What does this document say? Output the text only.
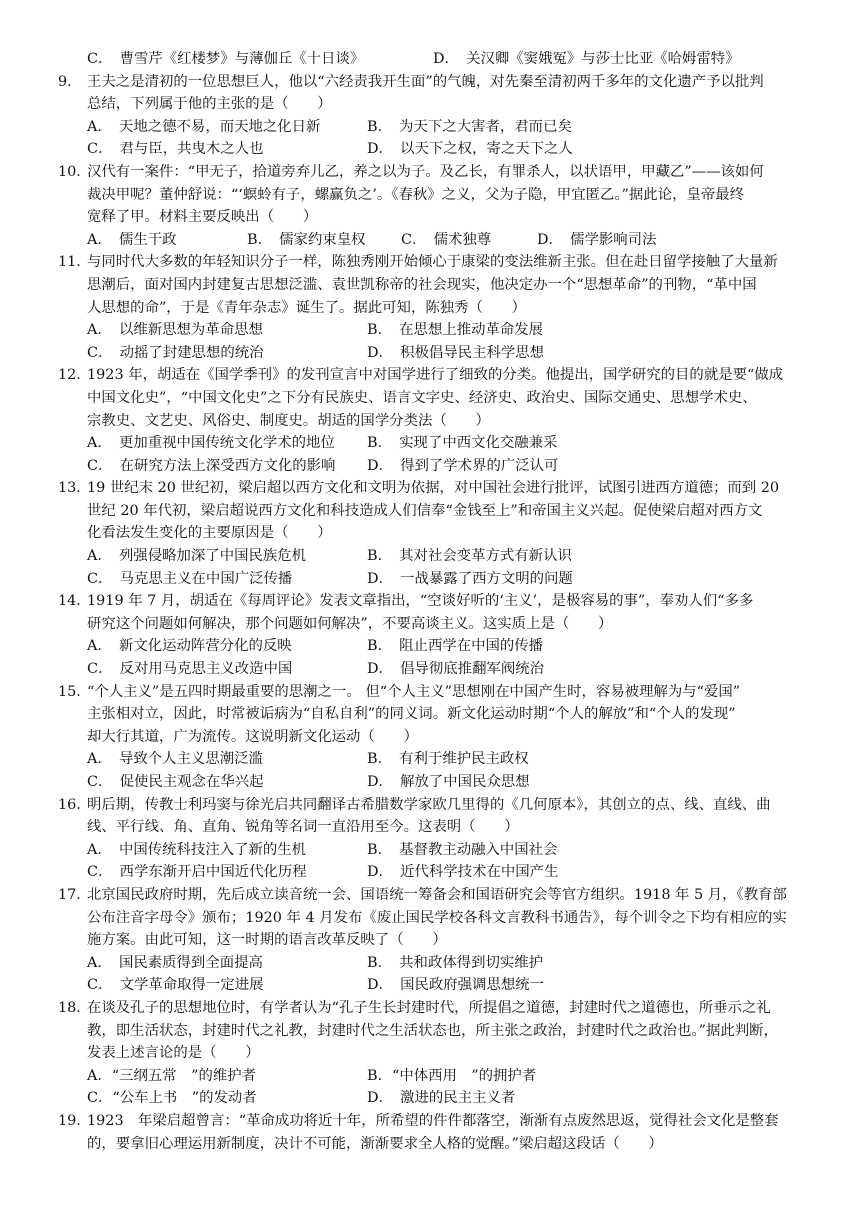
C．　曹雪芹《红楼梦》与薄伽丘《十日谈》	D．　关汉卿《窦娥冤》与莎士比亚《哈姆雷特》
9． 王夫之是清初的一位思想巨人，他以“六经责我开生面”的气魄，对先秦至清初两千多年的文化遗产予以批判
总结，下列属于他的主张的是（　　）
A．　天地之德不易，而天地之化日新	B．　为天下之大害者，君而已矣
C．　君与臣，共曳木之人也	D．　以天下之权，寄之天下之人
10．汉代有一案件：“甲无子，拾道旁弃儿乙，养之以为子。及乙长，有罪杀人，以状语甲，甲藏乙”——该如何
裁决甲呢？董仲舒说：“‘螟蛉有子，螺赢负之’。《春秋》之义，父为子隐，甲宜匿乙。”据此论，皇帝最终
宽释了甲。材料主要反映出（　　）
A．　儒生干政	B．　儒家约束皇权 C．　儒术独尊	D．　儒学影响司法
11．与同时代大多数的年轻知识分子一样，陈独秀刚开始倾心于康梁的变法维新主张。但在赴日留学接触了大量新
思潮后，面对国内封建复古思想泛滥、袁世凯称帝的社会现实，他决定办一个“思想革命”的刊物，“革中国
人思想的命”，于是《青年杂志》诞生了。据此可知，陈独秀（　　）
A．　以维新思想为革命思想	B．　在思想上推动革命发展
C．　动摇了封建思想的统治	D．　积极倡导民主科学思想
12．1923 年，胡适在《国学季刊》的发刊宣言中对国学进行了细致的分类。他提出，国学研究的目的就是要“做成
中国文化史”，“中国文化史”之下分有民族史、语言文字史、经济史、政治史、国际交通史、思想学术史、
宗教史、文艺史、风俗史、制度史。胡适的国学分类法（　　）
A．　更加重视中国传统文化学术的地位	B．　实现了中西文化交融兼采
C．　在研究方法上深受西方文化的影响	D．　得到了学术界的广泛认可
13．19 世纪末 20 世纪初，梁启超以西方文化和文明为依据，对中国社会进行批评，试图引进西方道德；而到 20
世纪 20 年代初，梁启超说西方文化和科技造成人们信奉“金钱至上”和帝国主义兴起。促使梁启超对西方文
化看法发生变化的主要原因是（　　）
A．　列强侵略加深了中国民族危机	B．　其对社会变革方式有新认识
C．　马克思主义在中国广泛传播	D．　一战暴露了西方文明的问题
14．1919 年 7 月，胡适在《每周评论》发表文章指出，“空谈好听的‘主义’，是极容易的事”，奉劝人们“多多
研究这个问题如何解决，那个问题如何解决”，不要高谈主义。这实质上是（　　）
A．　新文化运动阵营分化的反映	B．　阻止西学在中国的传播
C．　反对用马克思主义改造中国	D．　倡导彻底推翻军阀统治
15．“个人主义”是五四时期最重要的思潮之一。 但“个人主义”思想刚在中国产生时，容易被理解为与“爱国”
主张相对立，因此，时常被诟病为“自私自利”的同义词。新文化运动时期“个人的解放”和“个人的发现”
却大行其道，广为流传。这说明新文化运动（　　）
A．　导致个人主义思潮泛滥	B．　有利于维护民主政权
C．　促使民主观念在华兴起	D．　解放了中国民众思想
16．明后期，传教士利玛窦与徐光启共同翻译古希腊数学家欧几里得的《几何原本》，其创立的点、线、直线、曲
线、平行线、角、直角、锐角等名词一直沿用至今。这表明（　　）
A．　中国传统科技注入了新的生机	B．　基督教主动融入中国社会
C．　西学东渐开启中国近代化历程	D．　近代科学技术在中国产生
17．北京国民政府时期，先后成立读音统一会、国语统一筹备会和国语研究会等官方组织。1918 年 5 月，《教育部
公布注音字母令》颁布；1920 年 4 月发布《废止国民学校各科文言教科书通告》，每个训令之下均有相应的实
施方案。由此可知，这一时期的语言改革反映了（　　）
A．　国民素质得到全面提高	B．　共和政体得到切实维护
C．　文学革命取得一定进展	D．　国民政府强调思想统一
18．在谈及孔子的思想地位时，有学者认为“孔子生长封建时代，所提倡之道德，封建时代之道德也，所垂示之礼
教，即生活状态，封建时代之礼教，封建时代之生活状态也，所主张之政治，封建时代之政治也。”据此判断，
发表上述言论的是（　　）
A．“三纲五常　”的维护者	B．“中体西用　”的拥护者
C．“公车上书　”的发动者	D．　激进的民主主义者
19．1923　年梁启超曾言：“革命成功将近十年，所希望的件件都落空，渐渐有点废然思返，觉得社会文化是整套
的，要拿旧心理运用新制度，决计不可能，渐渐要求全人格的觉醒。”梁启超这段话（　　）
